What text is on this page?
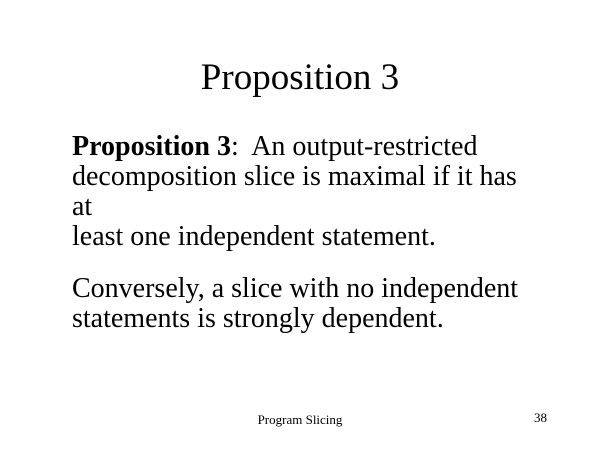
Proposition 3

Proposition 3:  An output-restricted
decomposition slice is maximal if it has at
least one independent statement.

Conversely, a slice with no independent
statements is strongly dependent.

Program Slicing	38
